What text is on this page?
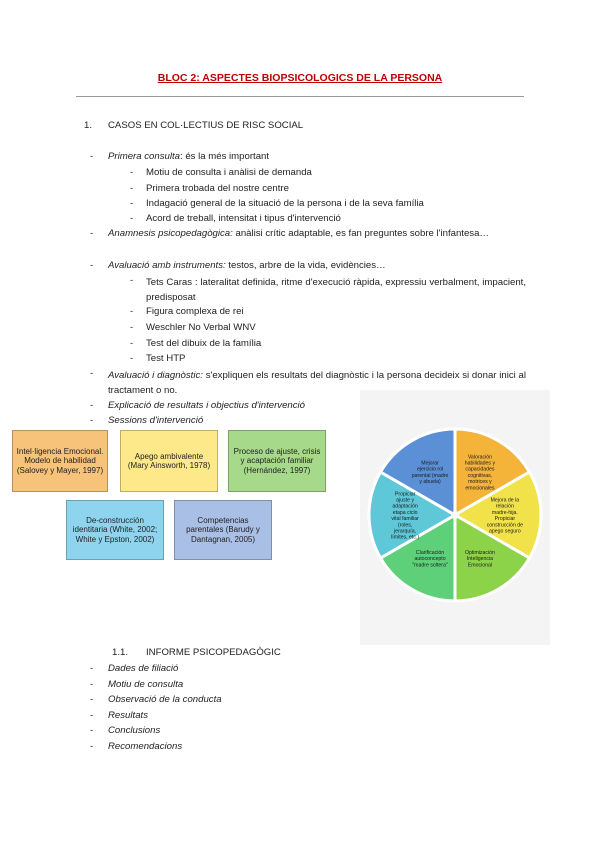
BLOC 2: ASPECTES BIOPSICOLOGICS DE LA PERSONA
1. CASOS EN COL·LECTIUS DE RISC SOCIAL
- Primera consulta: és la més important
- Motiu de consulta i anàlisi de demanda
- Primera trobada del nostre centre
- Indagació general de la situació de la persona i de la seva família
- Acord de treball, intensitat i tipus d'intervenció
- Anamnesis psicopedagògica: anàlisi crític adaptable, es fan preguntes sobre l'infantesa…
- Avaluació amb instruments: testos, arbre de la vida, evidències…
- Tets Caras : lateralitat definida, ritme d'execució ràpida, expressiu verbalment, impacient, predisposat
- Figura complexa de rei
- Weschler No Verbal WNV
- Test del dibuix de la família
- Test HTP
- Avaluació i diagnòstic: s'expliquen els resultats del diagnòstic i la persona decideix si donar inici al tractament o no.
- Explicació de resultats i objectius d'intervenció
- Sessions d'intervenció
Intel·ligencia Emocional. Modelo de habilidad (Salovey y Mayer, 1997)
Apego ambivalente (Mary Ainsworth, 1978)
Proceso de ajuste, crisis y acaptación familiar (Hernández, 1997)
De-construcción identitaria (White, 2002; White y Epston, 2002)
Competencias parentales (Barudy y Dantagnan, 2005)
Valoración habilidades y capacidades cognitivas, motrices y emocionales
Mejora de la relación madre-hija. Propiciar construcción de apego seguro
Optimización Inteligencia Emocional
Clarificación autoconcepto "madre soltera"
Propiciar ajuste y adaptación etapa ciclo vital familiar (roles, jerarquía, límites, etc.)
Mejorar ejercicio rol parental (madre y abuela)
1.1. INFORME PSICOPEDAGÒGIC
- Dades de filiació
- Motiu de consulta
- Observació de la conducta
- Resultats
- Conclusions
- Recomendacions
